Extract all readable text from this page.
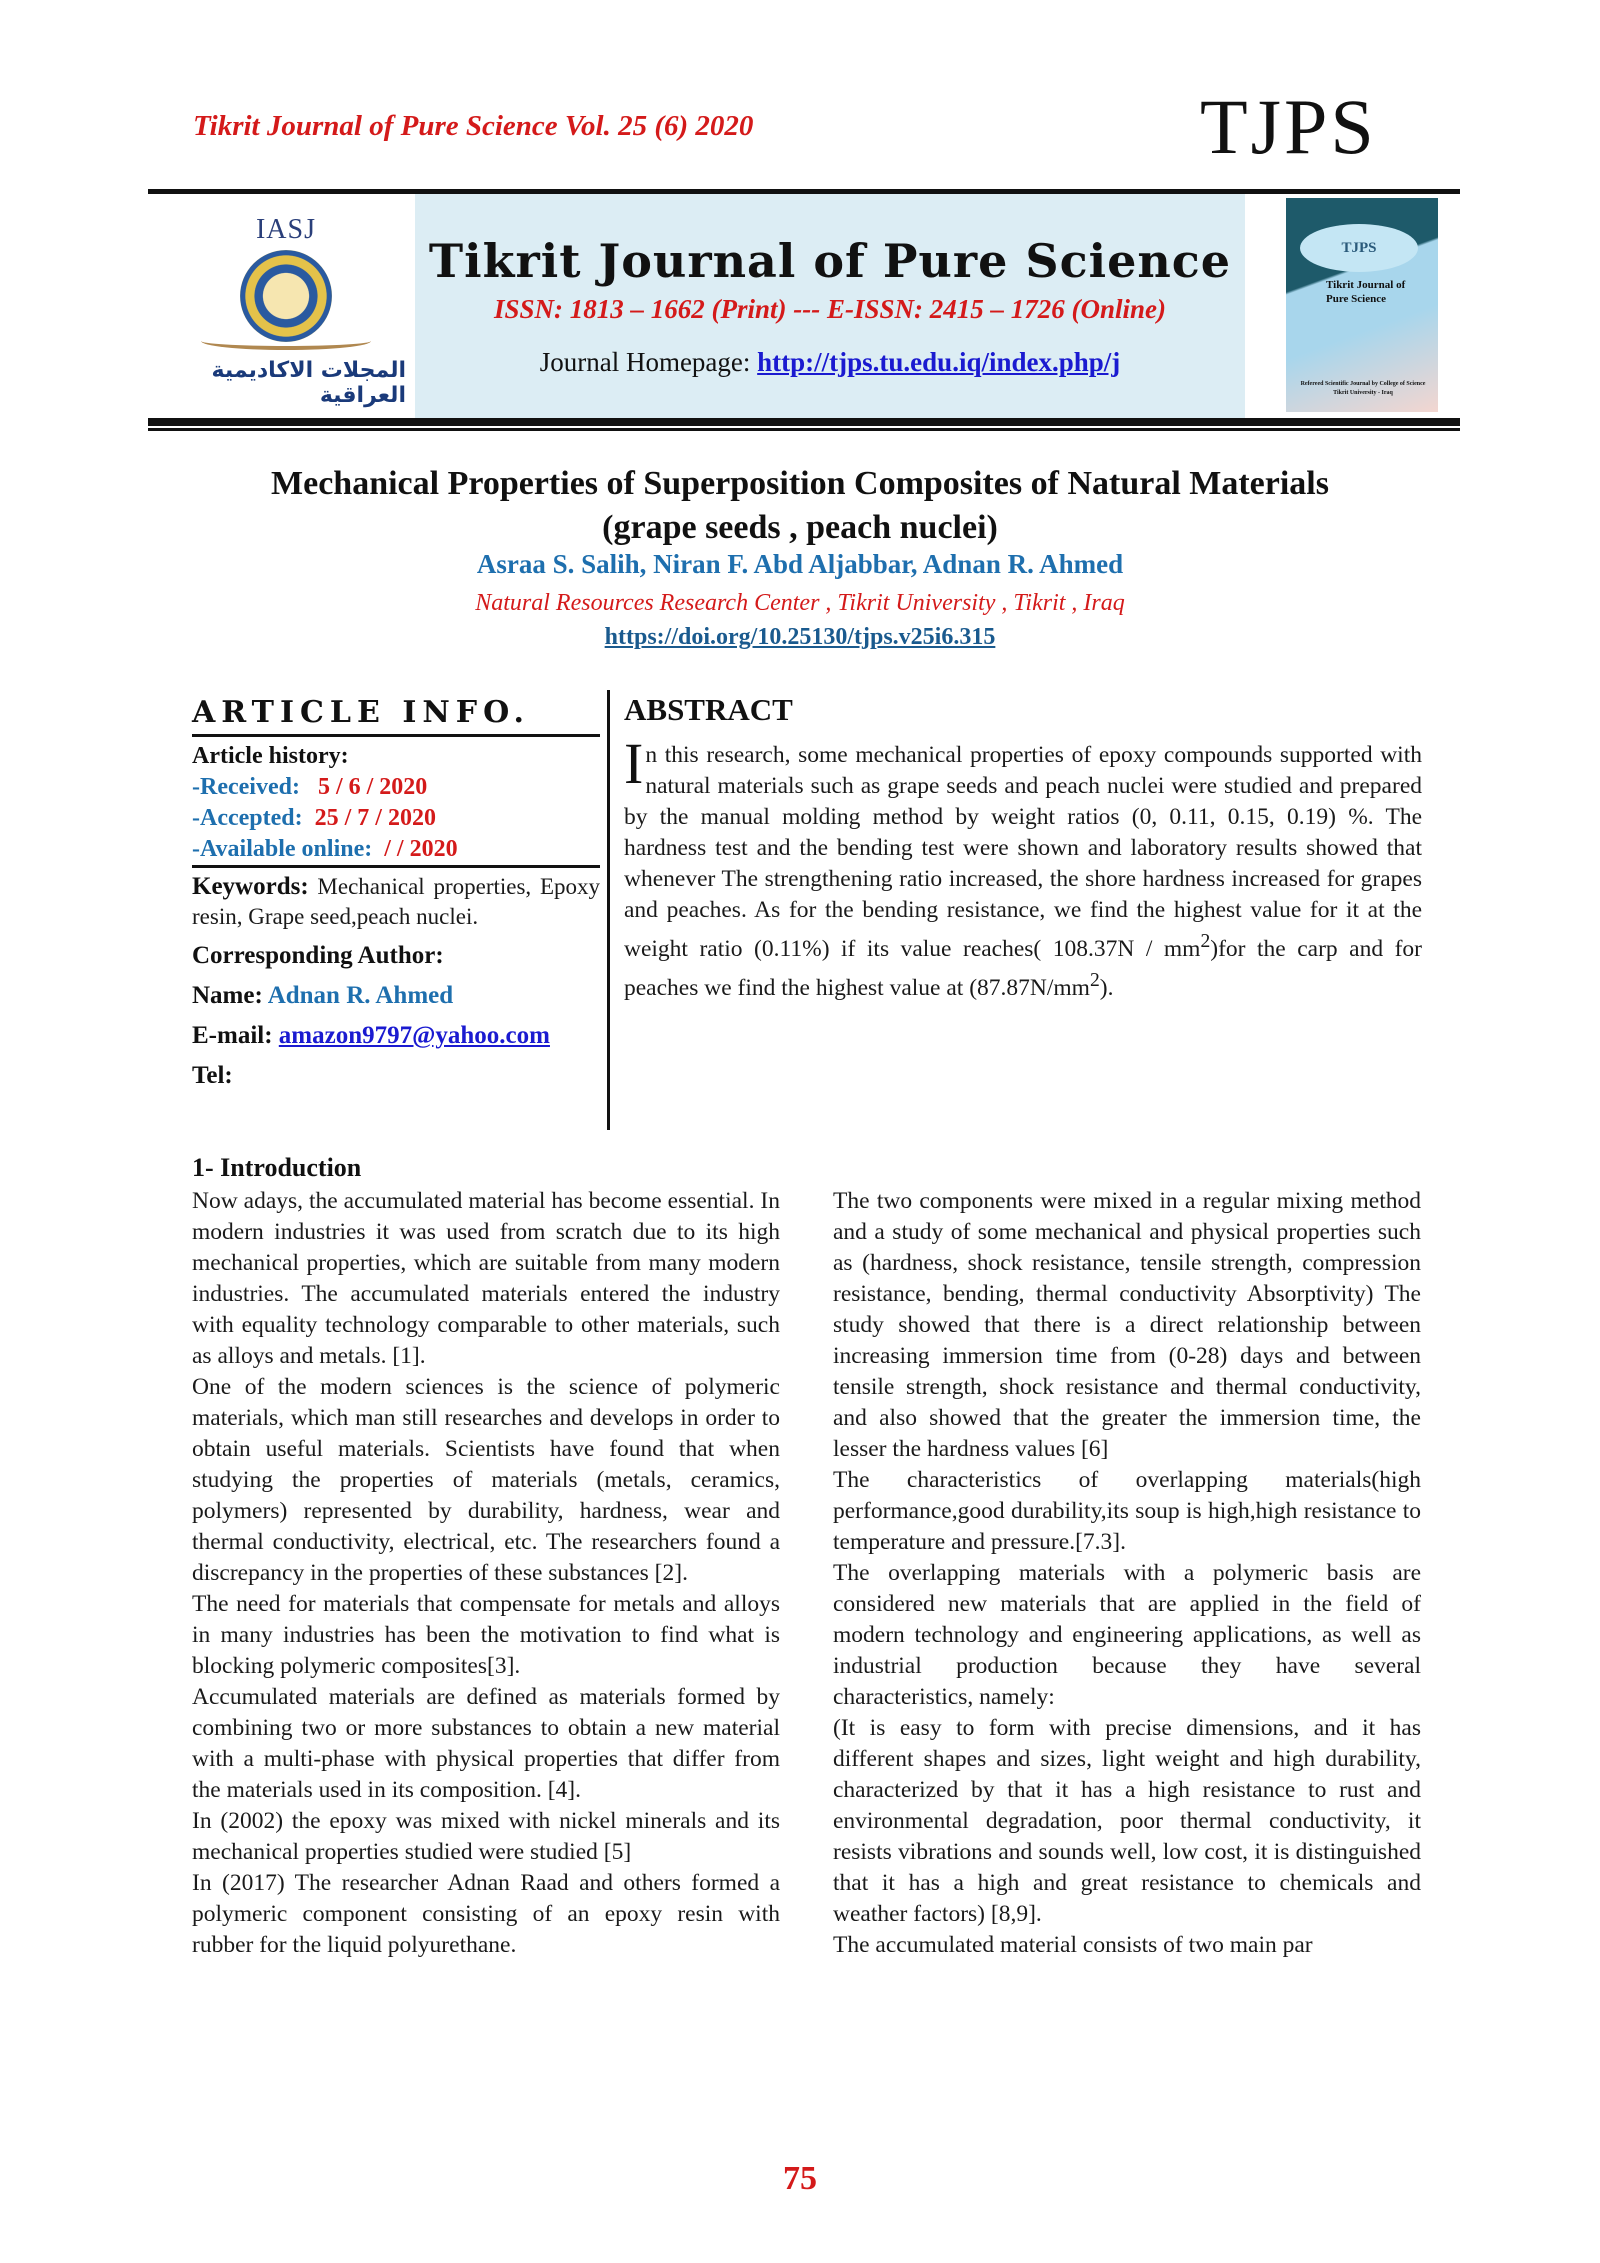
Tikrit Journal of Pure Science Vol. 25 (6) 2020	TJPS
IASJ
المجلات الاكاديمية العراقية
Tikrit Journal of Pure Science
ISSN: 1813 – 1662 (Print) --- E-ISSN: 2415 – 1726 (Online)
Journal Homepage: http://tjps.tu.edu.iq/index.php/j
TJPS
Tikrit Journal of
Pure Science
Refereed Scientific Journal by College of Science
Tikrit University - Iraq
Mechanical Properties of Superposition Composites of Natural Materials
(grape seeds , peach nuclei)
Asraa S. Salih, Niran F. Abd Aljabbar, Adnan R. Ahmed
Natural Resources Research Center , Tikrit University , Tikrit , Iraq
https://doi.org/10.25130/tjps.v25i6.315
ARTICLE INFO.
Article history:
-Received: 5 / 6 / 2020
-Accepted: 25 / 7 / 2020
-Available online: / / 2020
Keywords: Mechanical properties, Epoxy resin, Grape seed,peach nuclei.
Corresponding Author:
Name: Adnan R. Ahmed
E-mail: amazon9797@yahoo.com
Tel:
ABSTRACT
In this research, some mechanical properties of epoxy compounds supported with natural materials such as grape seeds and peach nuclei were studied and prepared by the manual molding method by weight ratios (0, 0.11, 0.15, 0.19) %. The hardness test and the bending test were shown and laboratory results showed that whenever The strengthening ratio increased, the shore hardness increased for grapes and peaches. As for the bending resistance, we find the highest value for it at the weight ratio (0.11%) if its value reaches( $108.37N / mm^2)for$ the carp and for peaches we find the highest value at $(87.87N/mm^2)$.
1- Introduction

Now adays, the accumulated material has become essential. In modern industries it was used from scratch due to its high mechanical properties, which are suitable from many modern industries. The accumulated materials entered the industry with equality technology comparable to other materials, such as alloys and metals. [1].

One of the modern sciences is the science of polymeric materials, which man still researches and develops in order to obtain useful materials. Scientists have found that when studying the properties of materials (metals, ceramics, polymers) represented by durability, hardness, wear and thermal conductivity, electrical, etc. The researchers found a discrepancy in the properties of these substances [2].

The need for materials that compensate for metals and alloys in many industries has been the motivation to find what is blocking polymeric composites[3].

Accumulated materials are defined as materials formed by combining two or more substances to obtain a new material with a multi-phase with physical properties that differ from the materials used in its composition. [4].

In (2002) the epoxy was mixed with nickel minerals and its mechanical properties studied were studied [5]

In (2017) The researcher Adnan Raad and others formed a polymeric component consisting of an epoxy resin with rubber for the liquid polyurethane.

The two components were mixed in a regular mixing method and a study of some mechanical and physical properties such as (hardness, shock resistance, tensile strength, compression resistance, bending, thermal conductivity Absorptivity) The study showed that there is a direct relationship between increasing immersion time from (0-28) days and between tensile strength, shock resistance and thermal conductivity, and also showed that the greater the immersion time, the lesser the hardness values [6]

The characteristics of overlapping materials(high performance,good durability,its soup is high,high resistance to temperature and pressure.[7.3].

The overlapping materials with a polymeric basis are considered new materials that are applied in the field of modern technology and engineering applications, as well as industrial production because they have several characteristics, namely:

(It is easy to form with precise dimensions, and it has different shapes and sizes, light weight and high durability, characterized by that it has a high resistance to rust and environmental degradation, poor thermal conductivity, it resists vibrations and sounds well, low cost, it is distinguished that it has a high and great resistance to chemicals and weather factors) [8,9].

The accumulated material consists of two main par

75
